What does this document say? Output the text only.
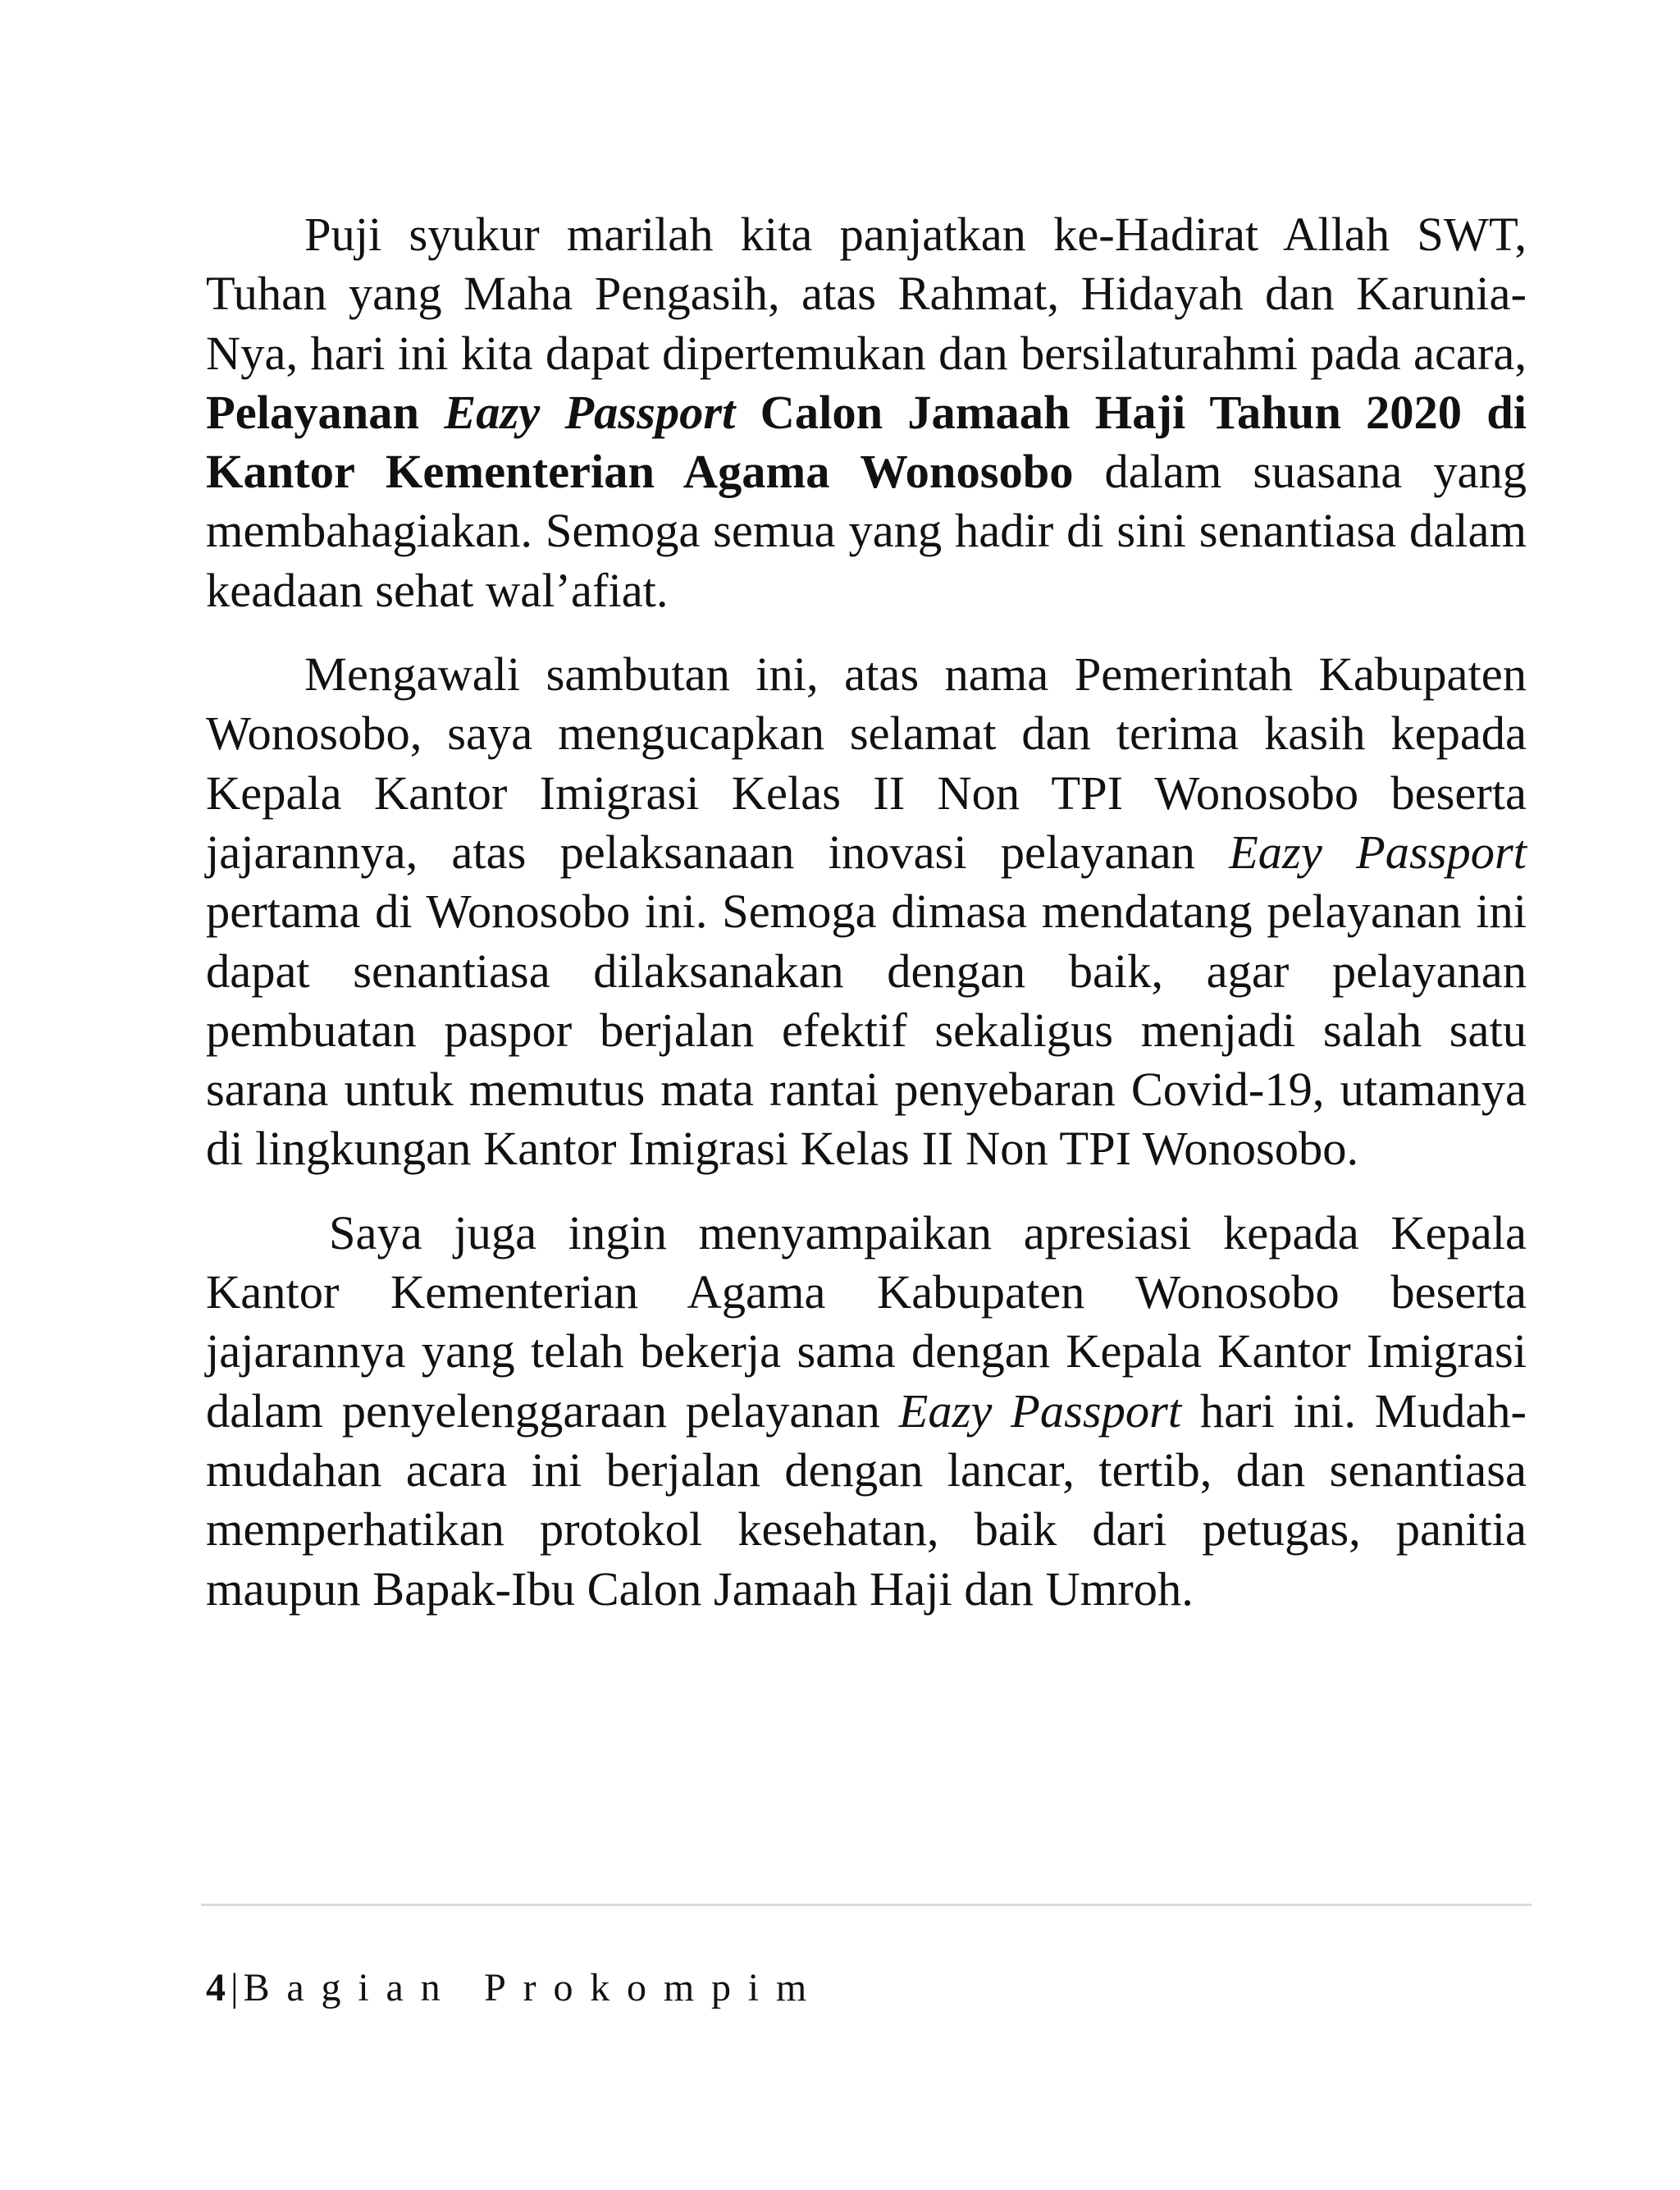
Puji syukur marilah kita panjatkan ke-Hadirat Allah SWT, Tuhan yang Maha Pengasih, atas Rahmat, Hidayah dan Karunia-Nya, hari ini kita dapat dipertemukan dan bersilaturahmi pada acara, Pelayanan Eazy Passport Calon Jamaah Haji Tahun 2020 di Kantor Kementerian Agama Wonosobo dalam suasana yang membahagiakan. Semoga semua yang hadir di sini senantiasa dalam keadaan sehat wal’afiat.

Mengawali sambutan ini, atas nama Pemerintah Kabupaten Wonosobo, saya mengucapkan selamat dan terima kasih kepada Kepala Kantor Imigrasi Kelas II Non TPI Wonosobo beserta jajarannya, atas pelaksanaan inovasi pelayanan Eazy Passport pertama di Wonosobo ini. Semoga dimasa mendatang pelayanan ini dapat senantiasa dilaksanakan dengan baik, agar pelayanan pembuatan paspor berjalan efektif sekaligus menjadi salah satu sarana untuk memutus mata rantai penyebaran Covid-19, utamanya di lingkungan Kantor Imigrasi Kelas II Non TPI Wonosobo.

Saya juga ingin menyampaikan apresiasi kepada Kepala Kantor Kementerian Agama Kabupaten Wonosobo beserta jajarannya yang telah bekerja sama dengan Kepala Kantor Imigrasi dalam penyelenggaraan pelayanan Eazy Passport hari ini. Mudah-mudahan acara ini berjalan dengan lancar, tertib, dan senantiasa memperhatikan protokol kesehatan, baik dari petugas, panitia maupun Bapak-Ibu Calon Jamaah Haji dan Umroh.

4 | Bagian Prokompim
